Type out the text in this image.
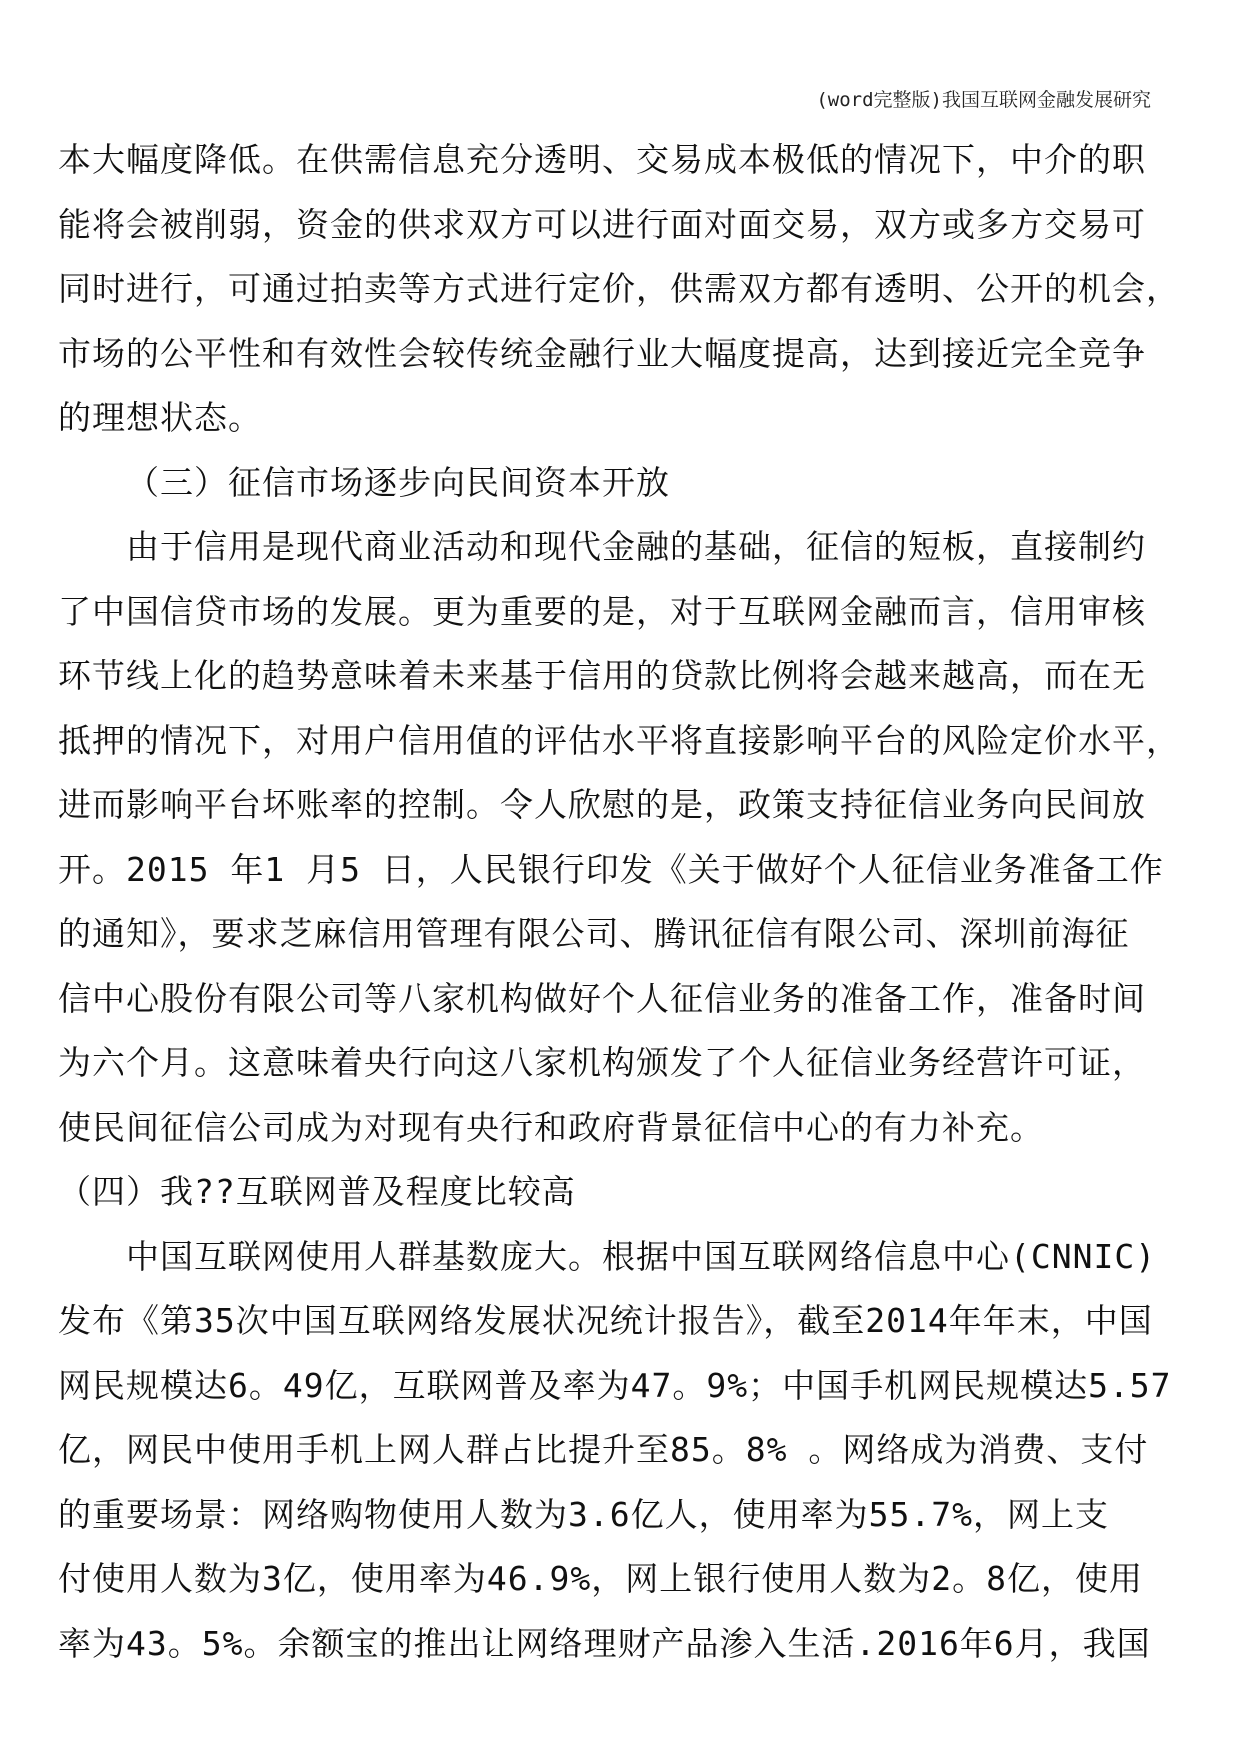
(word完整版)我国互联网金融发展研究
本大幅度降低。在供需信息充分透明、交易成本极低的情况下，中介的职
能将会被削弱，资金的供求双方可以进行面对面交易，双方或多方交易可
同时进行，可通过拍卖等方式进行定价，供需双方都有透明、公开的机会，
市场的公平性和有效性会较传统金融行业大幅度提高，达到接近完全竞争
的理想状态。
（三）征信市场逐步向民间资本开放
由于信用是现代商业活动和现代金融的基础，征信的短板，直接制约
了中国信贷市场的发展。更为重要的是，对于互联网金融而言，信用审核
环节线上化的趋势意味着未来基于信用的贷款比例将会越来越高，而在无
抵押的情况下，对用户信用值的评估水平将直接影响平台的风险定价水平，
进而影响平台坏账率的控制。令人欣慰的是，政策支持征信业务向民间放
开。2015 年1 月5 日，人民银行印发《关于做好个人征信业务准备工作
的通知》，要求芝麻信用管理有限公司、腾讯征信有限公司、深圳前海征
信中心股份有限公司等八家机构做好个人征信业务的准备工作，准备时间
为六个月。这意味着央行向这八家机构颁发了个人征信业务经营许可证，
使民间征信公司成为对现有央行和政府背景征信中心的有力补充。
（四）我??互联网普及程度比较高
中国互联网使用人群基数庞大。根据中国互联网络信息中心(CNNIC)
发布《第35次中国互联网络发展状况统计报告》，截至2014年年末，中国
网民规模达6。49亿，互联网普及率为47。9%；中国手机网民规模达5.57
亿，网民中使用手机上网人群占比提升至85。8% 。网络成为消费、支付
的重要场景：网络购物使用人数为3.6亿人，使用率为55.7%，网上支
付使用人数为3亿，使用率为46.9%，网上银行使用人数为2。8亿，使用
率为43。5%。余额宝的推出让网络理财产品渗入生活.2016年6月，我国
